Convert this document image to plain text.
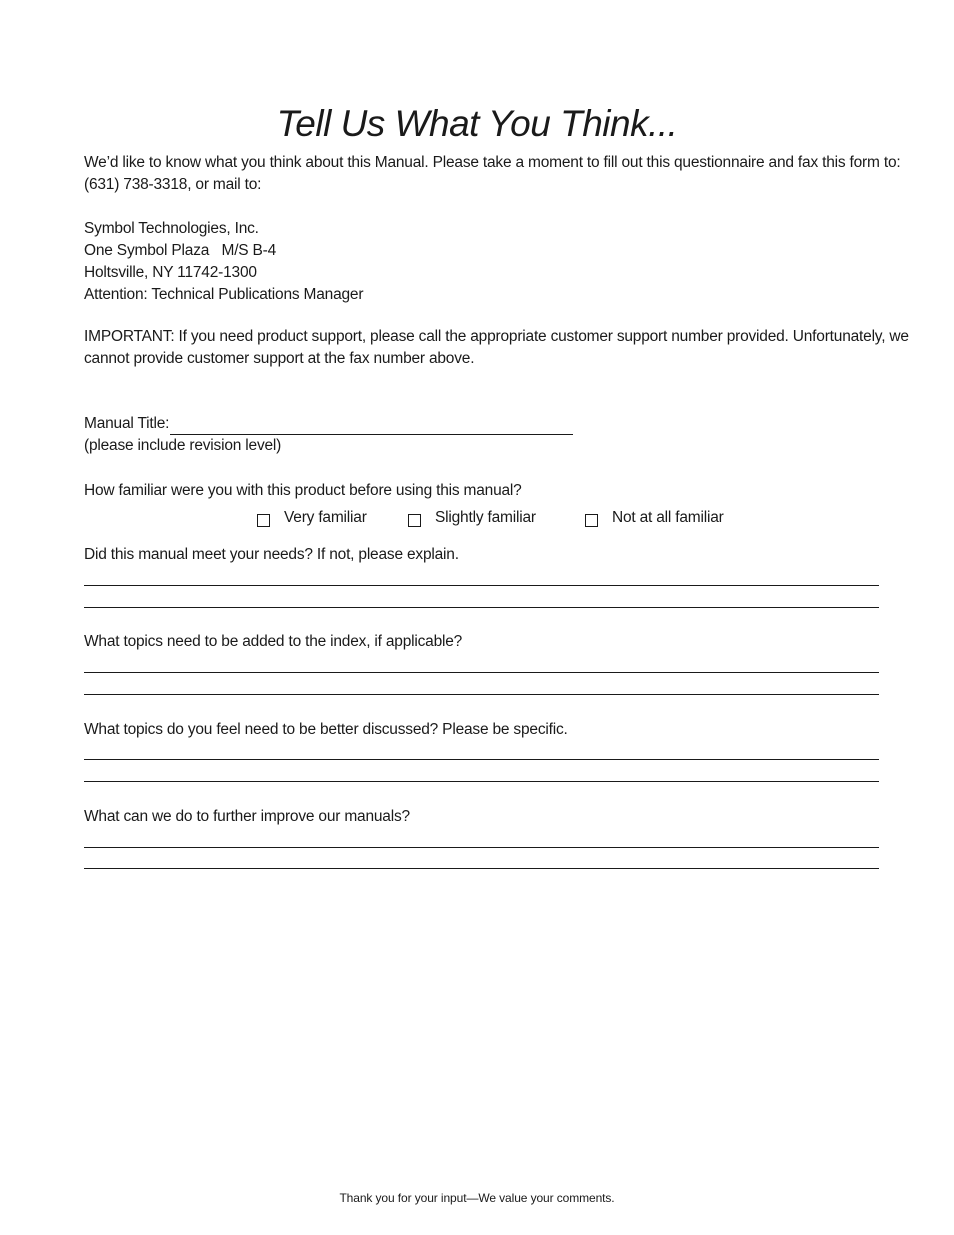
Tell Us What You Think...

We’d like to know what you think about this Manual. Please take a moment to fill out this questionnaire and fax this form to: (631) 738-3318, or mail to:

Symbol Technologies, Inc.
One Symbol Plaza   M/S B-4
Holtsville, NY 11742-1300
Attention: Technical Publications Manager

IMPORTANT: If you need product support, please call the appropriate customer support number provided. Unfortunately, we cannot provide customer support at the fax number above.

Manual Title:
(please include revision level)
How familiar were you with this product before using this manual?
Very familiar	Slightly familiar	Not at all familiar
Did this manual meet your needs? If not, please explain.
What topics need to be added to the index, if applicable?
What topics do you feel need to be better discussed? Please be specific.
What can we do to further improve our manuals?
Thank you for your input—We value your comments.
